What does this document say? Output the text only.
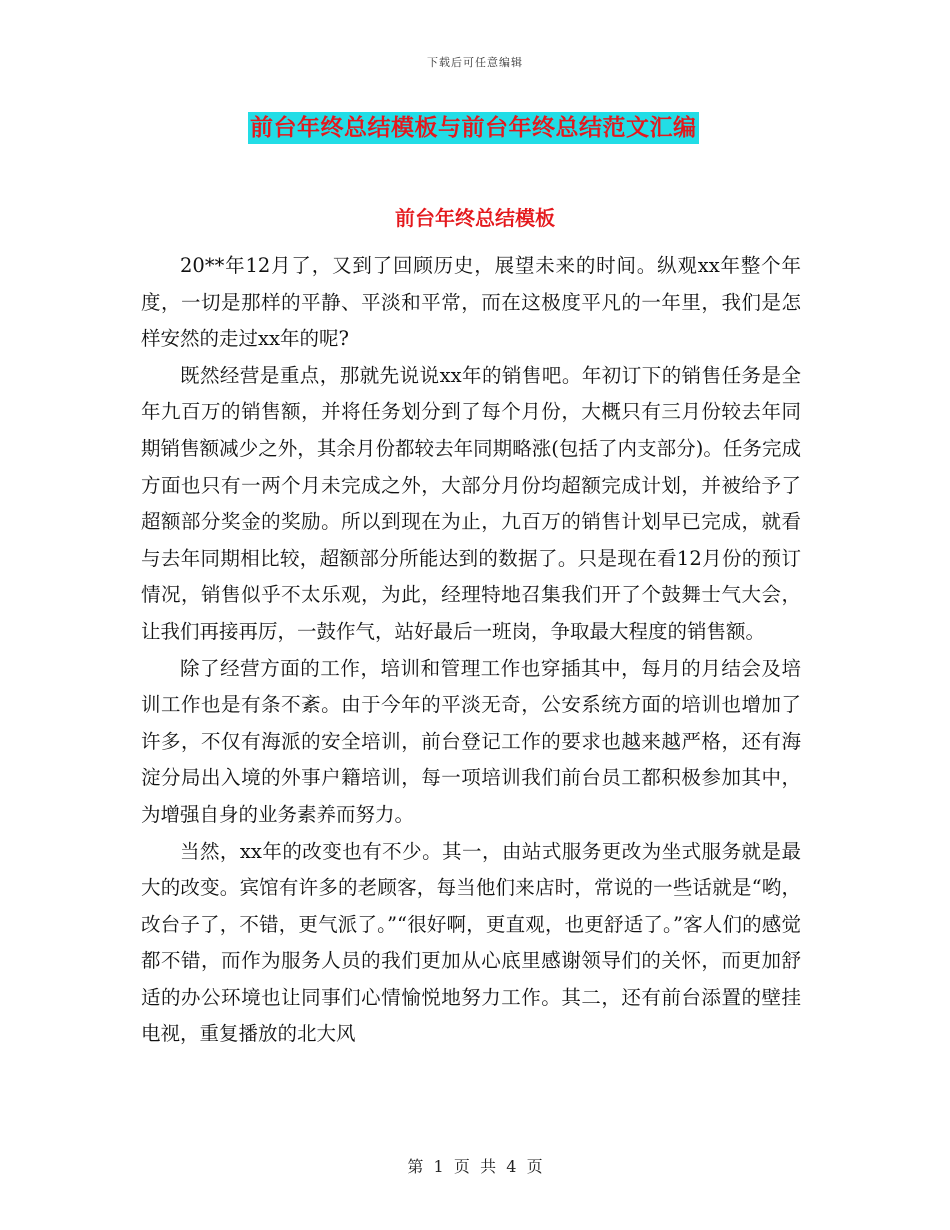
下载后可任意编辑
前台年终总结模板与前台年终总结范文汇编
前台年终总结模板

20**年12月了，又到了回顾历史，展望未来的时间。纵观xx年整个年度，一切是那样的平静、平淡和平常，而在这极度平凡的一年里，我们是怎样安然的走过xx年的呢?

既然经营是重点，那就先说说xx年的销售吧。年初订下的销售任务是全年九百万的销售额，并将任务划分到了每个月份，大概只有三月份较去年同期销售额减少之外，其余月份都较去年同期略涨(包括了内支部分)。任务完成方面也只有一两个月未完成之外，大部分月份均超额完成计划，并被给予了超额部分奖金的奖励。所以到现在为止，九百万的销售计划早已完成，就看与去年同期相比较，超额部分所能达到的数据了。只是现在看12月份的预订情况，销售似乎不太乐观，为此，经理特地召集我们开了个鼓舞士气大会，让我们再接再厉，一鼓作气，站好最后一班岗，争取最大程度的销售额。

除了经营方面的工作，培训和管理工作也穿插其中，每月的月结会及培训工作也是有条不紊。由于今年的平淡无奇，公安系统方面的培训也增加了许多，不仅有海派的安全培训，前台登记工作的要求也越来越严格，还有海淀分局出入境的外事户籍培训，每一项培训我们前台员工都积极参加其中，为增强自身的业务素养而努力。

当然，xx年的改变也有不少。其一，由站式服务更改为坐式服务就是最大的改变。宾馆有许多的老顾客，每当他们来店时，常说的一些话就是“哟，改台子了，不错，更气派了。”“很好啊，更直观，也更舒适了。”客人们的感觉都不错，而作为服务人员的我们更加从心底里感谢领导们的关怀，而更加舒适的办公环境也让同事们心情愉悦地努力工作。其二，还有前台添置的壁挂电视，重复播放的北大风

第  1  页  共  4  页
